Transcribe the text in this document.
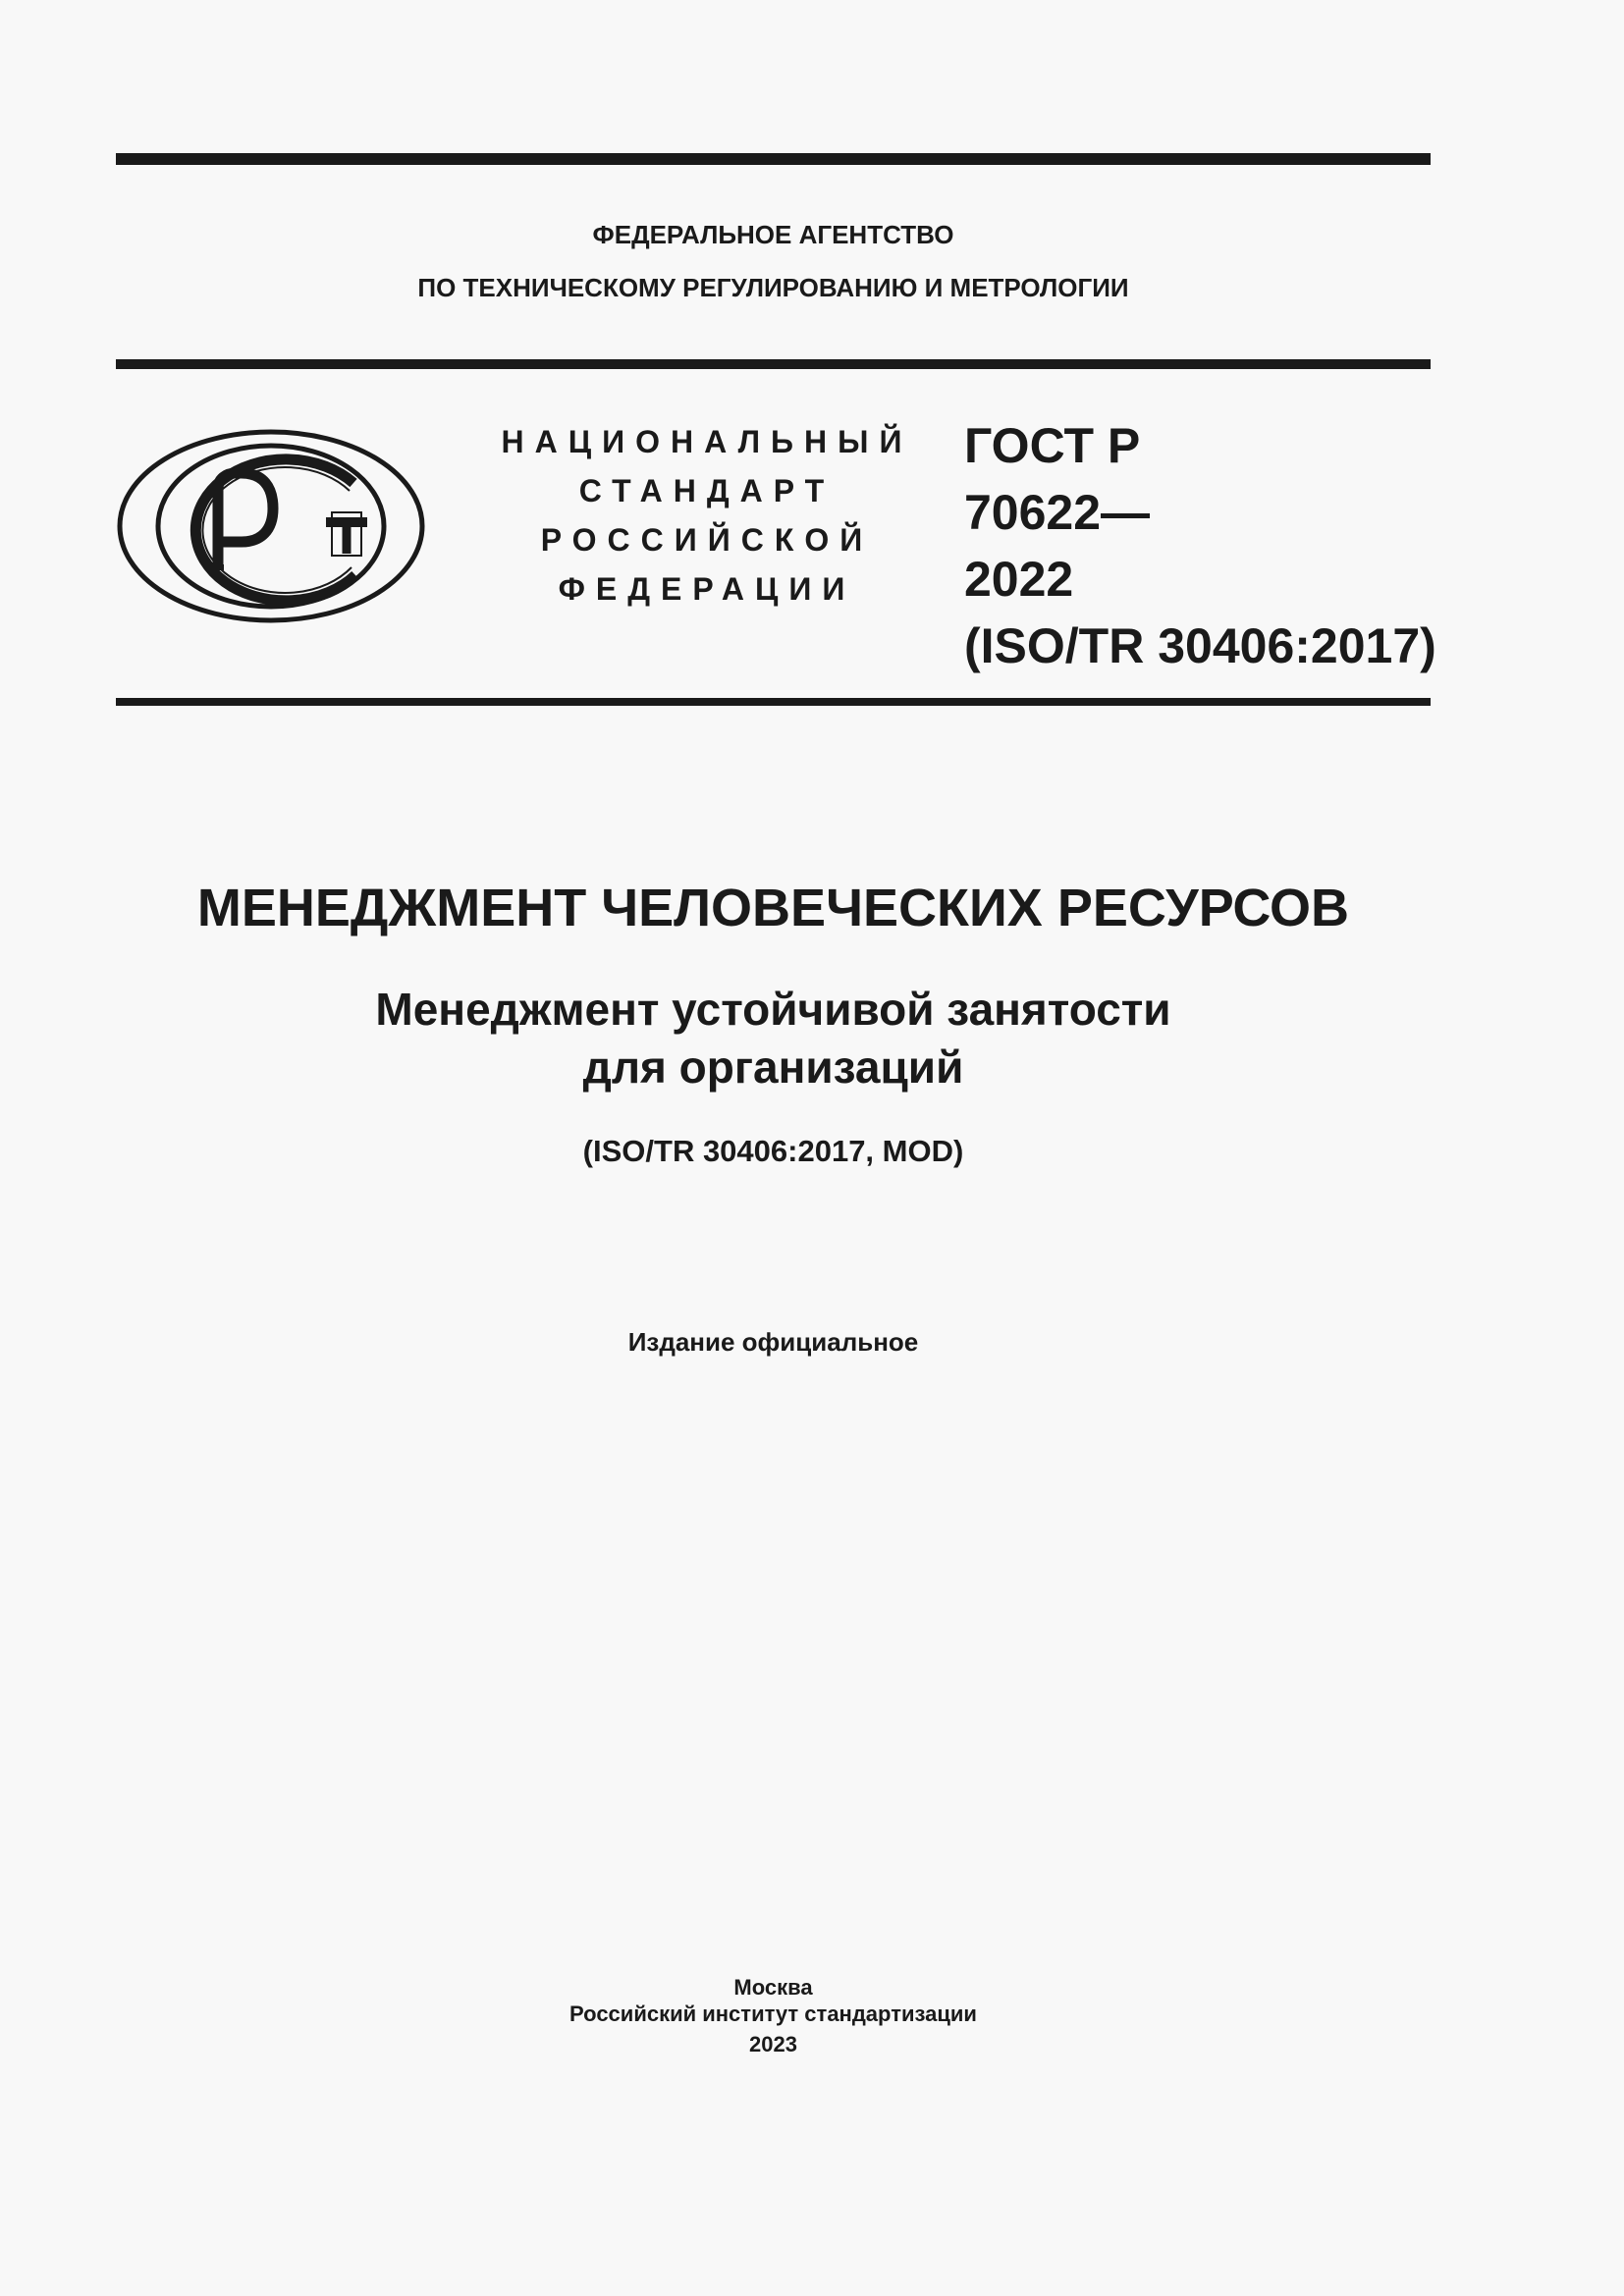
ФЕДЕРАЛЬНОЕ АГЕНТСТВО
ПО ТЕХНИЧЕСКОМУ РЕГУЛИРОВАНИЮ И МЕТРОЛОГИИ
НАЦИОНАЛЬНЫЙ
СТАНДАРТ
РОССИЙСКОЙ
ФЕДЕРАЦИИ
ГОСТ Р
70622—
2022
(ISO/TR 30406:2017)
МЕНЕДЖМЕНТ ЧЕЛОВЕЧЕСКИХ РЕСУРСОВ
Менеджмент устойчивой занятости
для организаций
(ISO/TR 30406:2017, MOD)
Издание официальное
Москва
Российский институт стандартизации
2023
